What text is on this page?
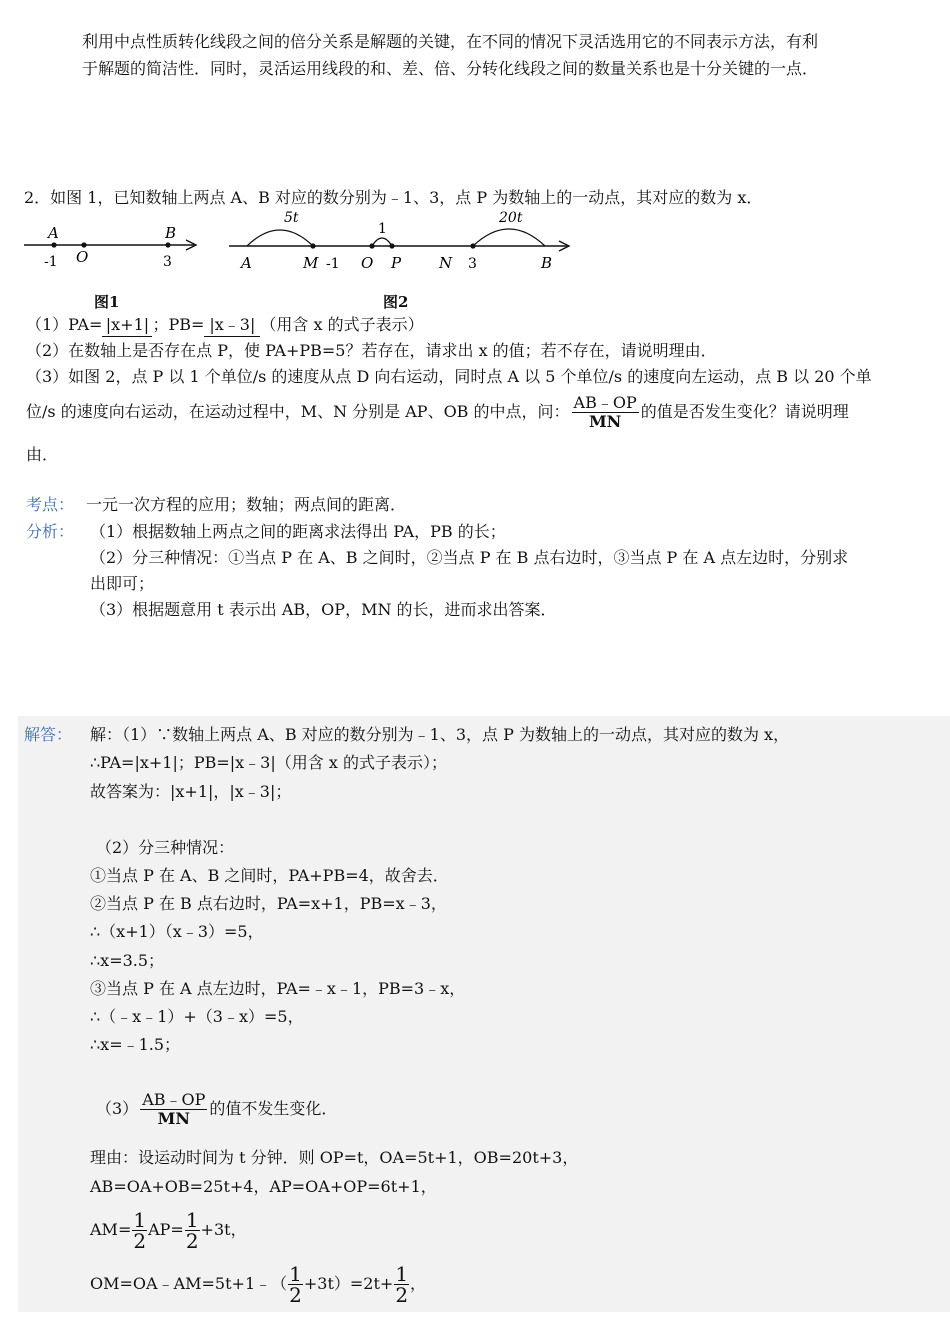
利用中点性质转化线段之间的倍分关系是解题的关键，在不同的情况下灵活选用它的不同表示方法，有利
于解题的简洁性．同时，灵活运用线段的和、差、倍、分转化线段之间的数量关系也是十分关键的一点．
2．如图 1，已知数轴上两点 A、B 对应的数分别为﹣1、3，点 P 为数轴上的一动点，其对应的数为 x．
A
-1 O
B
3
5t
1
20t
A	M -1 O P	N 3	B
图1	图2
（1）PA= |x+1| ；PB= |x﹣3| （用含 x 的式子表示）
（2）在数轴上是否存在点 P，使 PA+PB=5？若存在，请求出 x 的值；若不存在，请说明理由．
（3）如图 2，点 P 以 1 个单位/s 的速度从点 D 向右运动，同时点 A 以 5 个单位/s 的速度向左运动，点 B 以 20 个单
位/s 的速度向右运动，在运动过程中，M、N 分别是 AP、OB 的中点，问： $\frac{AB﹣OP}{MN}$ 的值是否发生变化？请说明理
由．
考点： 一元一次方程的应用；数轴；两点间的距离．
分析： （1）根据数轴上两点之间的距离求法得出 PA，PB 的长；
（2）分三种情况：①当点 P 在 A、B 之间时，②当点 P 在 B 点右边时，③当点 P 在 A 点左边时，分别求
出即可；
（3）根据题意用 t 表示出 AB，OP，MN 的长，进而求出答案．
解答： 解：（1）∵数轴上两点 A、B 对应的数分别为﹣1、3，点 P 为数轴上的一动点，其对应的数为 x，
∴PA=|x+1|；PB=|x﹣3|（用含 x 的式子表示）；
故答案为：|x+1|，|x﹣3|；
（2）分三种情况：
①当点 P 在 A、B 之间时，PA+PB=4，故舍去．
②当点 P 在 B 点右边时，PA=x+1，PB=x﹣3，
∴（x+1）（x﹣3）=5，
∴x=3.5；
③当点 P 在 A 点左边时，PA=﹣x﹣1，PB=3﹣x，
∴（﹣x﹣1）+（3﹣x）=5，
∴x=﹣1.5；
$(3) \frac{AB﹣OP}{MN}$ 的值不发生变化．
理由：设运动时间为 t 分钟．则 OP=t，OA=5t+1，OB=20t+3，
AB=OA+OB=25t+4，AP=OA+OP=6t+1，
$AM= \frac{1}{2} AP= \frac{1}{2} +3t$，
OM=OA﹣AM=5t+1﹣（ $\frac{1}{2} +3t)=2t+ \frac{1}{2}$ ，
